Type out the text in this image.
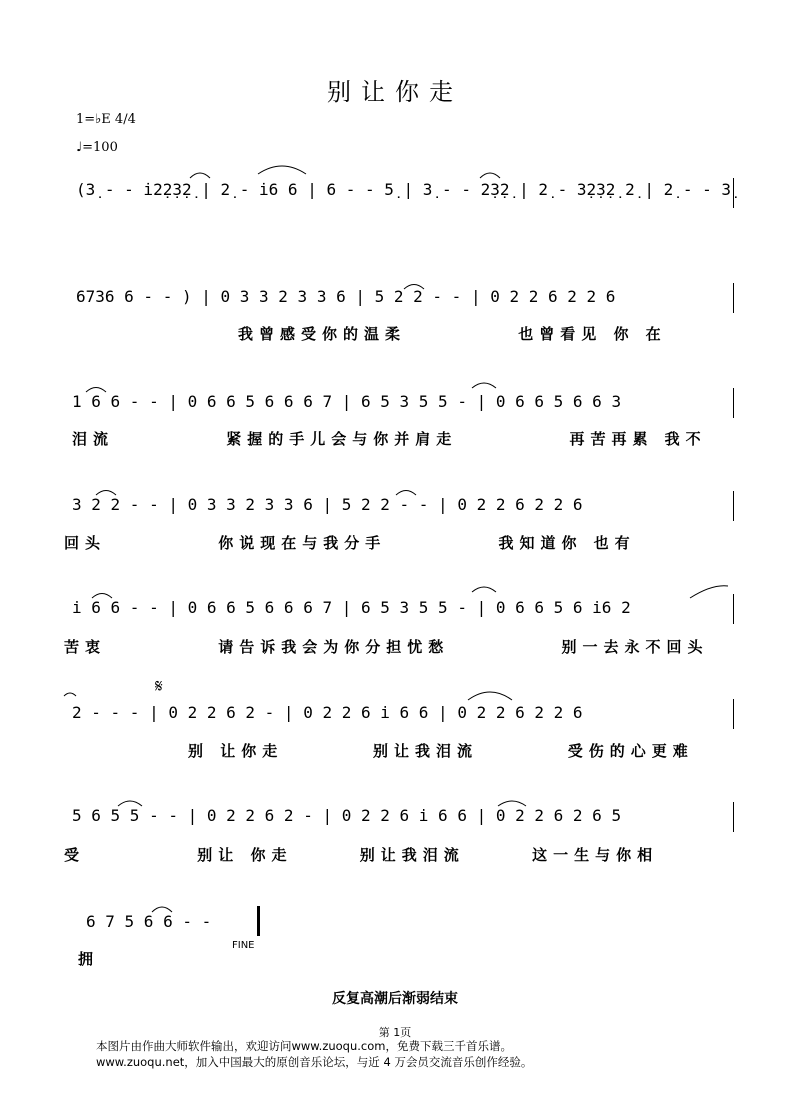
别让你走
1=♭E 4/4
♩=100
(3̣ - - i̇2̣2̣3̣2̣ | 2̣ - i̇6 6 | 6 - - 5̣ | 3̣ - - 2̣3̣2̣ | 2̣ - 3̣2̣3̣2̣ 2̣ | 2̣ - - 3̣
6736 6 - - ) | 0 3 3 2 3 3 6 | 5 2 2 - - | 0 2 2 6 2 2 6
我曾感受你的温柔          也曾看见 你 在
1 6 6 - - | 0 6 6 5 6 6 6 7 | 6 5 3 5 5 - | 0 6 6 5 6 6 3
泪流          紧握的手儿会与你并肩走          再苦再累 我不
3 2 2 - - | 0 3 3 2 3 3 6 | 5 2 2 - - | 0 2 2 6 2 2 6
回头          你说现在与我分手          我知道你 也有
i 6 6 - - | 0 6 6 5 6 6 6 7 | 6 5 3 5 5 - | 0 6 6 5 6 i6 2
苦衷          请告诉我会为你分担忧愁          别一去永不回头
𝄋
2 - - - | 0 2 2 6 2 - | 0 2 2 6 i 6 6 | 0 2 2 6 2 2 6
别 让你走        别让我泪流        受伤的心更难
5 6 5 5 - - | 0 2 2 6 2 - | 0 2 2 6 i 6 6 | 0 2 2 6 2 6 5
受          别让 你走      别让我泪流      这一生与你相
6 7 5 6 6 - -
FINE
拥
反复高潮后渐弱结束
第 1页
本图片由作曲大师软件输出，欢迎访问www.zuoqu.com，免费下载三千首乐谱。
www.zuoqu.net，加入中国最大的原创音乐论坛，与近 4 万会员交流音乐创作经验。
